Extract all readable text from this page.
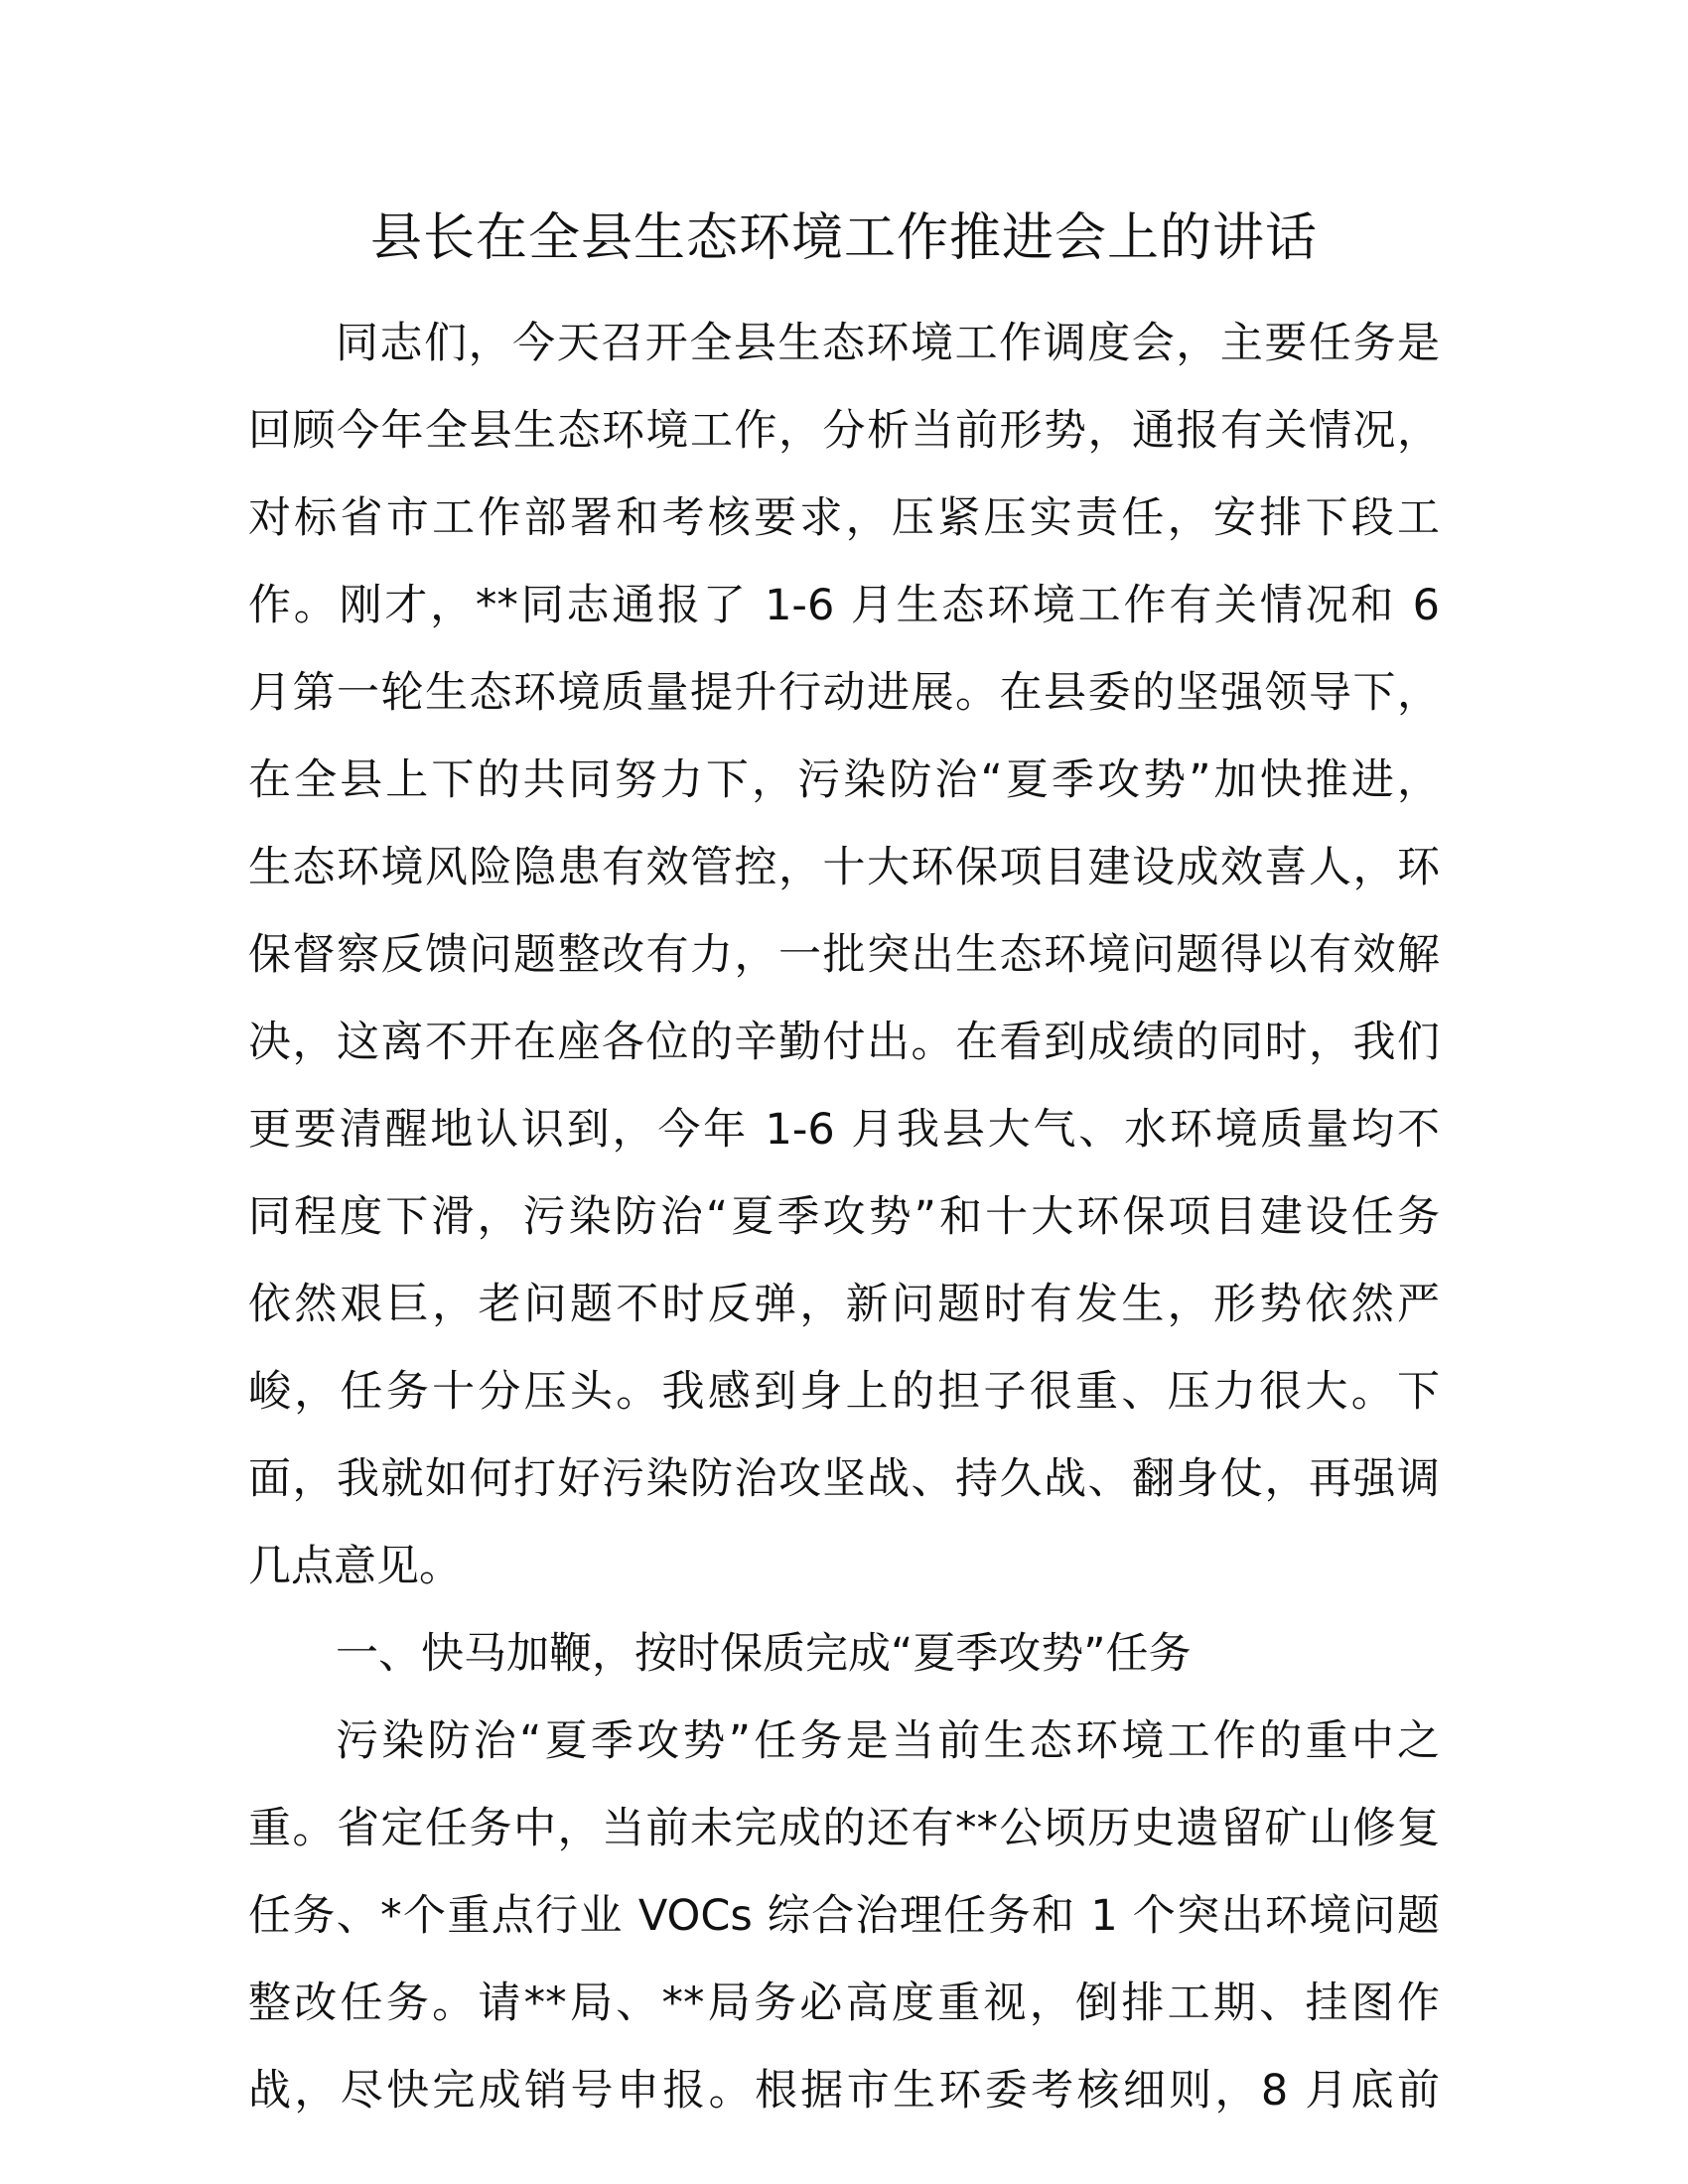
县长在全县生态环境工作推进会上的讲话
同志们，今天召开全县生态环境工作调度会，主要任务是
回顾今年全县生态环境工作，分析当前形势，通报有关情况，
对标省市工作部署和考核要求，压紧压实责任，安排下段工
作。刚才，**同志通报了 1-6 月生态环境工作有关情况和 6
月第一轮生态环境质量提升行动进展。在县委的坚强领导下，
在全县上下的共同努力下，污染防治“夏季攻势”加快推进，
生态环境风险隐患有效管控，十大环保项目建设成效喜人，环
保督察反馈问题整改有力，一批突出生态环境问题得以有效解
决，这离不开在座各位的辛勤付出。在看到成绩的同时，我们
更要清醒地认识到，今年 1-6 月我县大气、水环境质量均不
同程度下滑，污染防治“夏季攻势”和十大环保项目建设任务
依然艰巨，老问题不时反弹，新问题时有发生，形势依然严
峻，任务十分压头。我感到身上的担子很重、压力很大。下
面，我就如何打好污染防治攻坚战、持久战、翻身仗，再强调
几点意见。
一、快马加鞭，按时保质完成“夏季攻势”任务
污染防治“夏季攻势”任务是当前生态环境工作的重中之
重。省定任务中，当前未完成的还有**公顷历史遗留矿山修复
任务、*个重点行业 VOCs 综合治理任务和 1 个突出环境问题
整改任务。请**局、**局务必高度重视，倒排工期、挂图作
战，尽快完成销号申报。根据市生环委考核细则，8 月底前
